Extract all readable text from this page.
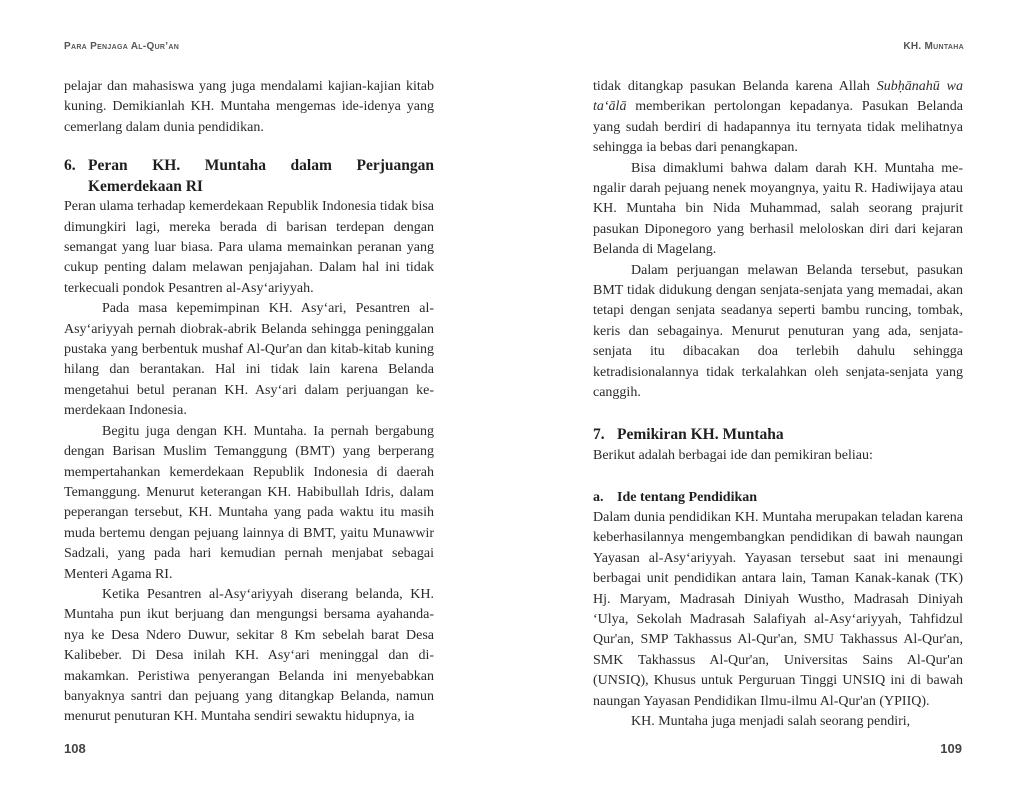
Para Penjaga Al-Qur’an

pelajar dan mahasiswa yang juga mendalami kajian-kajian kitab kuning. Demikianlah KH. Muntaha mengemas ide-idenya yang cemerlang dalam dunia pendidikan.

6. Peran KH. Muntaha dalam Perjuangan Kemerdekaan RI

Peran ulama terhadap kemerdekaan Republik Indonesia tidak bisa dimungkiri lagi, mereka berada di barisan terdepan dengan semangat yang luar biasa. Para ulama memainkan peranan yang cukup penting dalam melawan penjajahan. Dalam hal ini tidak terkecuali pondok Pesantren al-Asy‘ariyyah.

Pada masa kepemimpinan KH. Asy‘ari, Pesantren al-Asy‘ariyyah pernah diobrak-abrik Belanda sehingga peninggalan pustaka yang berbentuk mushaf Al-Qur'an dan kitab-kitab kuning hilang dan berantakan. Hal ini tidak lain karena Belanda mengetahui betul peranan KH. Asy‘ari dalam perjuangan ke-merdekaan Indonesia.

Begitu juga dengan KH. Muntaha. Ia pernah bergabung dengan Barisan Muslim Temanggung (BMT) yang berperang mempertahankan kemerdekaan Republik Indonesia di daerah Temanggung. Menurut keterangan KH. Habibullah Idris, dalam peperangan tersebut, KH. Muntaha yang pada waktu itu masih muda bertemu dengan pejuang lainnya di BMT, yaitu Munawwir Sadzali, yang pada hari kemudian pernah menjabat sebagai Menteri Agama RI.

Ketika Pesantren al-Asy‘ariyyah diserang belanda, KH. Muntaha pun ikut berjuang dan mengungsi bersama ayahanda-nya ke Desa Ndero Duwur, sekitar 8 Km sebelah barat Desa Kalibeber. Di Desa inilah KH. Asy‘ari meninggal dan di-makamkan. Peristiwa penyerangan Belanda ini menyebabkan banyaknya santri dan pejuang yang ditangkap Belanda, namun menurut penuturan KH. Muntaha sendiri sewaktu hidupnya, ia

108
KH. Muntaha

tidak ditangkap pasukan Belanda karena Allah Subḥānahū wa ta‘ālā memberikan pertolongan kepadanya. Pasukan Belanda yang sudah berdiri di hadapannya itu ternyata tidak melihatnya sehingga ia bebas dari penangkapan.

Bisa dimaklumi bahwa dalam darah KH. Muntaha me-ngalir darah pejuang nenek moyangnya, yaitu R. Hadiwijaya atau KH. Muntaha bin Nida Muhammad, salah seorang prajurit pasukan Diponegoro yang berhasil meloloskan diri dari kejaran Belanda di Magelang.

Dalam perjuangan melawan Belanda tersebut, pasukan BMT tidak didukung dengan senjata-senjata yang memadai, akan tetapi dengan senjata seadanya seperti bambu runcing, tombak, keris dan sebagainya. Menurut penuturan yang ada, senjata-senjata itu dibacakan doa terlebih dahulu sehingga ketradisionalannya tidak terkalahkan oleh senjata-senjata yang canggih.

7. Pemikiran KH. Muntaha

Berikut adalah berbagai ide dan pemikiran beliau:

a. Ide tentang Pendidikan

Dalam dunia pendidikan KH. Muntaha merupakan teladan karena keberhasilannya mengembangkan pendidikan di bawah naungan Yayasan al-Asy‘ariyyah. Yayasan tersebut saat ini menaungi berbagai unit pendidikan antara lain, Taman Kanak-kanak (TK) Hj. Maryam, Madrasah Diniyah Wustho, Madrasah Diniyah ‘Ulya, Sekolah Madrasah Salafiyah al-Asy‘ariyyah, Tahfidzul Qur'an, SMP Takhassus Al-Qur'an, SMU Takhassus Al-Qur'an, SMK Takhassus Al-Qur'an, Universitas Sains Al-Qur'an (UNSIQ), Khusus untuk Perguruan Tinggi UNSIQ ini di bawah naungan Yayasan Pendidikan Ilmu-ilmu Al-Qur'an (YPIIQ).

KH. Muntaha juga menjadi salah seorang pendiri,

109
